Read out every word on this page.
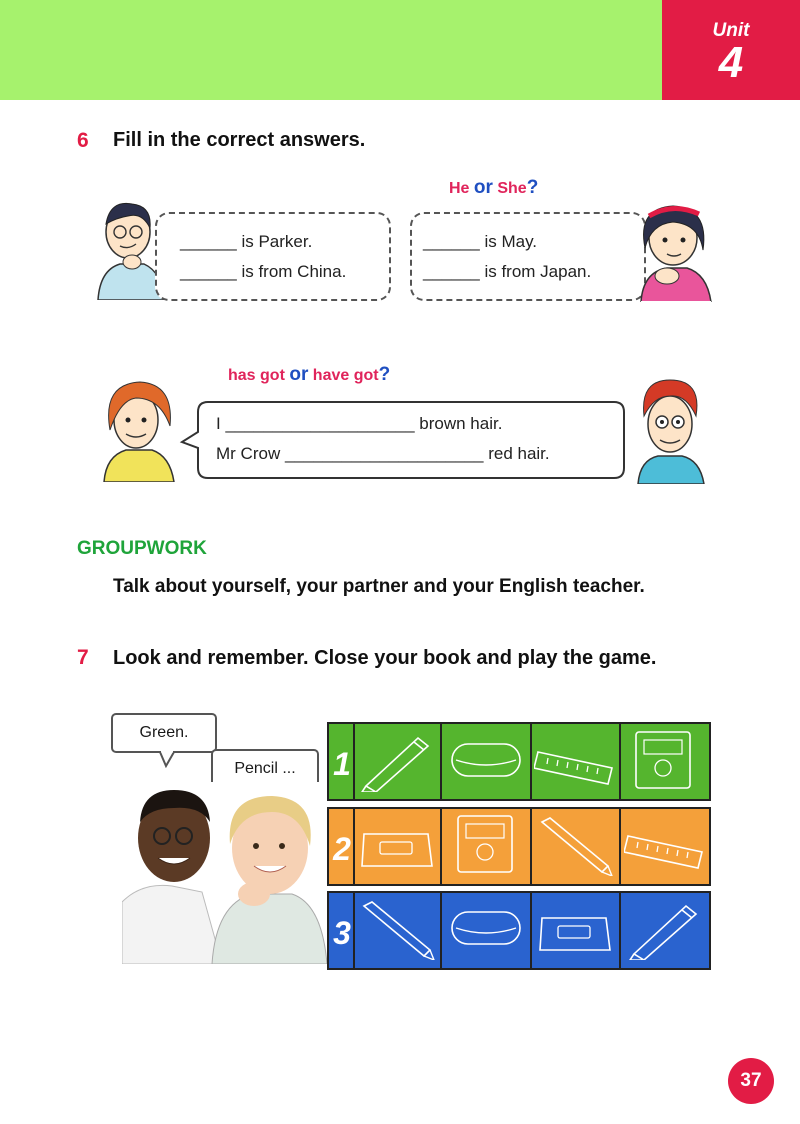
Unit
4
6 Fill in the correct answers.
He or She?
______ is Parker.
______ is from China.
______ is May.
______ is from Japan.
has got or have got?
I ____________________ brown hair.
Mr Crow _____________________ red hair.
GROUPWORK
Talk about yourself, your partner and your English teacher.
7 Look and remember. Close your book and play the game.
Green.
Pencil ...	1
2
3
37
